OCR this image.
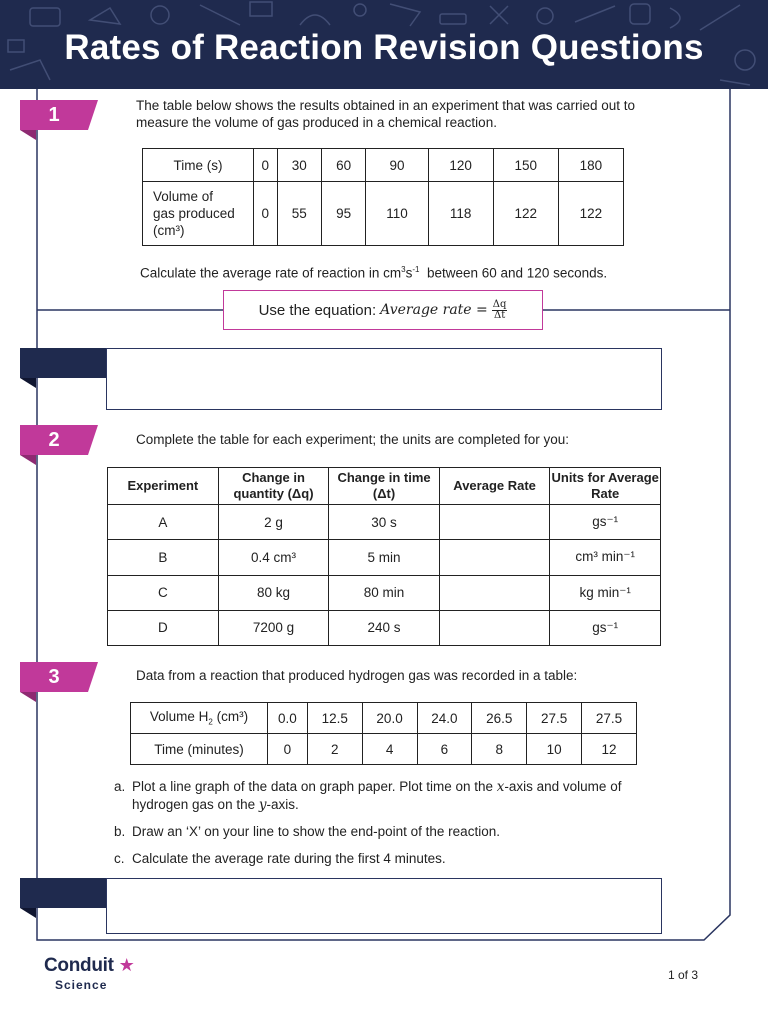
Rates of Reaction Revision Questions
1	The table below shows the results obtained in an experiment that was carried out to measure the volume of gas produced in a chemical reaction.
Time (s)	0	30	60	90	120	150	180

Volume of
gas produced
(cm³)	0	55	95	110	118	122	122
Calculate the average rate of reaction in $cm^3s^{-1}$  between 60 and 120 seconds.
Use the equation: Average rate = $\frac{\Delta q}{\Delta t}$
2	Complete the table for each experiment; the units are completed for you:
Experiment	Change in quantity (Δq)	Change in time (Δt)	Average Rate	Units for Average Rate
A	2 g	30 s		gs⁻¹
B	0.4 cm³	5 min		cm³ min⁻¹
C	80 kg	80 min		kg min⁻¹
D	7200 g	240 s		gs⁻¹
3	Data from a reaction that produced hydrogen gas was recorded in a table:
Volume $H_2$ (cm³)	0.0	12.5	20.0	24.0	26.5	27.5	27.5
Time (minutes)	0	2	4	6	8	10	12
a. Plot a line graph of the data on graph paper. Plot time on the x-axis and volume of hydrogen gas on the y-axis.
b. Draw an ‘X’ on your line to show the end-point of the reaction.
c. Calculate the average rate during the first 4 minutes.
Conduit ★
Science
1 of 3
